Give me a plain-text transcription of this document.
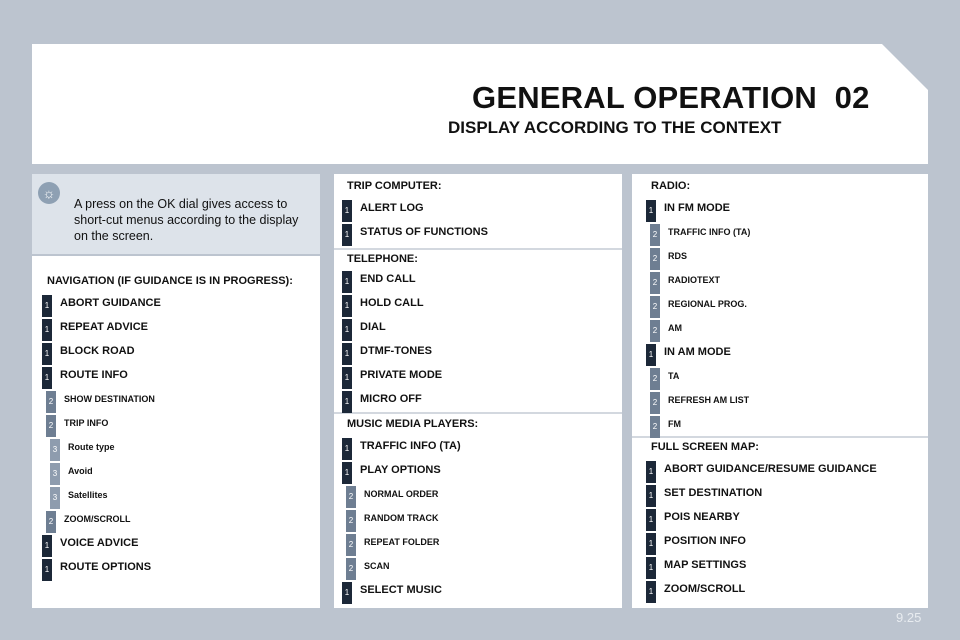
GENERAL OPERATION 02
DISPLAY ACCORDING TO THE CONTEXT
☼
A press on the OK dial gives access to short-cut menus according to the display on the screen.
NAVIGATION (IF GUIDANCE IS IN PROGRESS):
1 ABORT GUIDANCE
1 REPEAT ADVICE
1 BLOCK ROAD
1 ROUTE INFO
2	SHOW DESTINATION
2	TRIP INFO
3	Route type
3	Avoid
3	Satellites
2	ZOOM/SCROLL
1 VOICE ADVICE
1 ROUTE OPTIONS
TRIP COMPUTER:
TELEPHONE:
MUSIC MEDIA PLAYERS:
1 ALERT LOG
1 STATUS OF FUNCTIONS
1 END CALL
1 HOLD CALL
1 DIAL
1 DTMF-TONES
1 PRIVATE MODE
1 MICRO OFF
1 TRAFFIC INFO (TA)
1 PLAY OPTIONS
2	NORMAL ORDER
2	RANDOM TRACK
2	REPEAT FOLDER
2	SCAN
1 SELECT MUSIC
RADIO:
FULL SCREEN MAP:
1 IN FM MODE
2	TRAFFIC INFO (TA)
2	RDS
2	RADIOTEXT
2	REGIONAL PROG.
2	AM
1 IN AM MODE
2	TA
2	REFRESH AM LIST
2	FM
1 ABORT GUIDANCE/RESUME GUIDANCE
1 SET DESTINATION
1 POIS NEARBY
1 POSITION INFO
1 MAP SETTINGS
1 ZOOM/SCROLL
9.25
